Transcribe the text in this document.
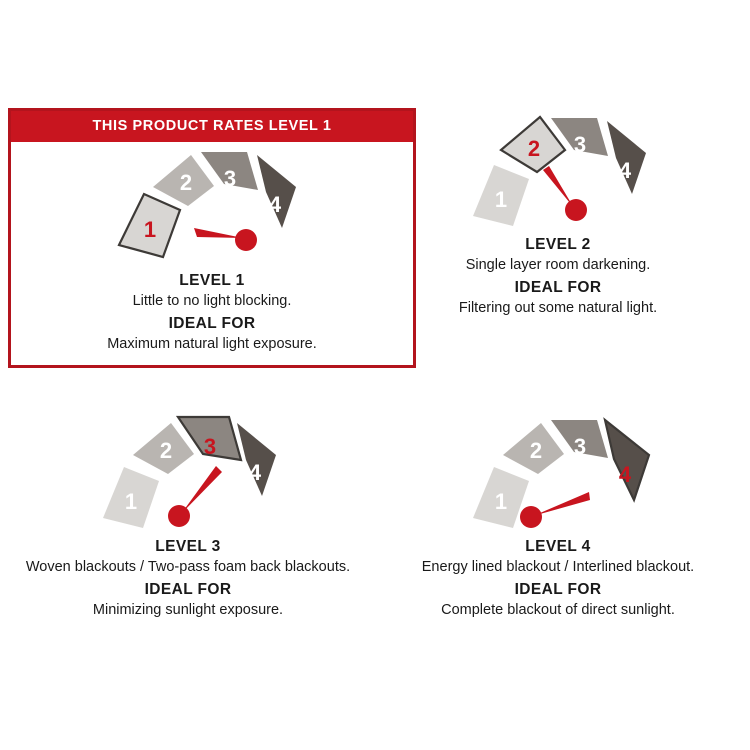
THIS PRODUCT RATES LEVEL 1
1
2 3
4

LEVEL 1

Little to no light blocking.

IDEAL FOR

Maximum natural light exposure.

1
2 3
4

LEVEL 2

Single layer room darkening.

IDEAL FOR

Filtering out some natural light.

1
2 3
4

LEVEL 3

Woven blackouts / Two-pass foam back blackouts.

IDEAL FOR

Minimizing sunlight exposure.

1
2 3
4

LEVEL 4

Energy lined blackout / Interlined blackout.

IDEAL FOR

Complete blackout of direct sunlight.
